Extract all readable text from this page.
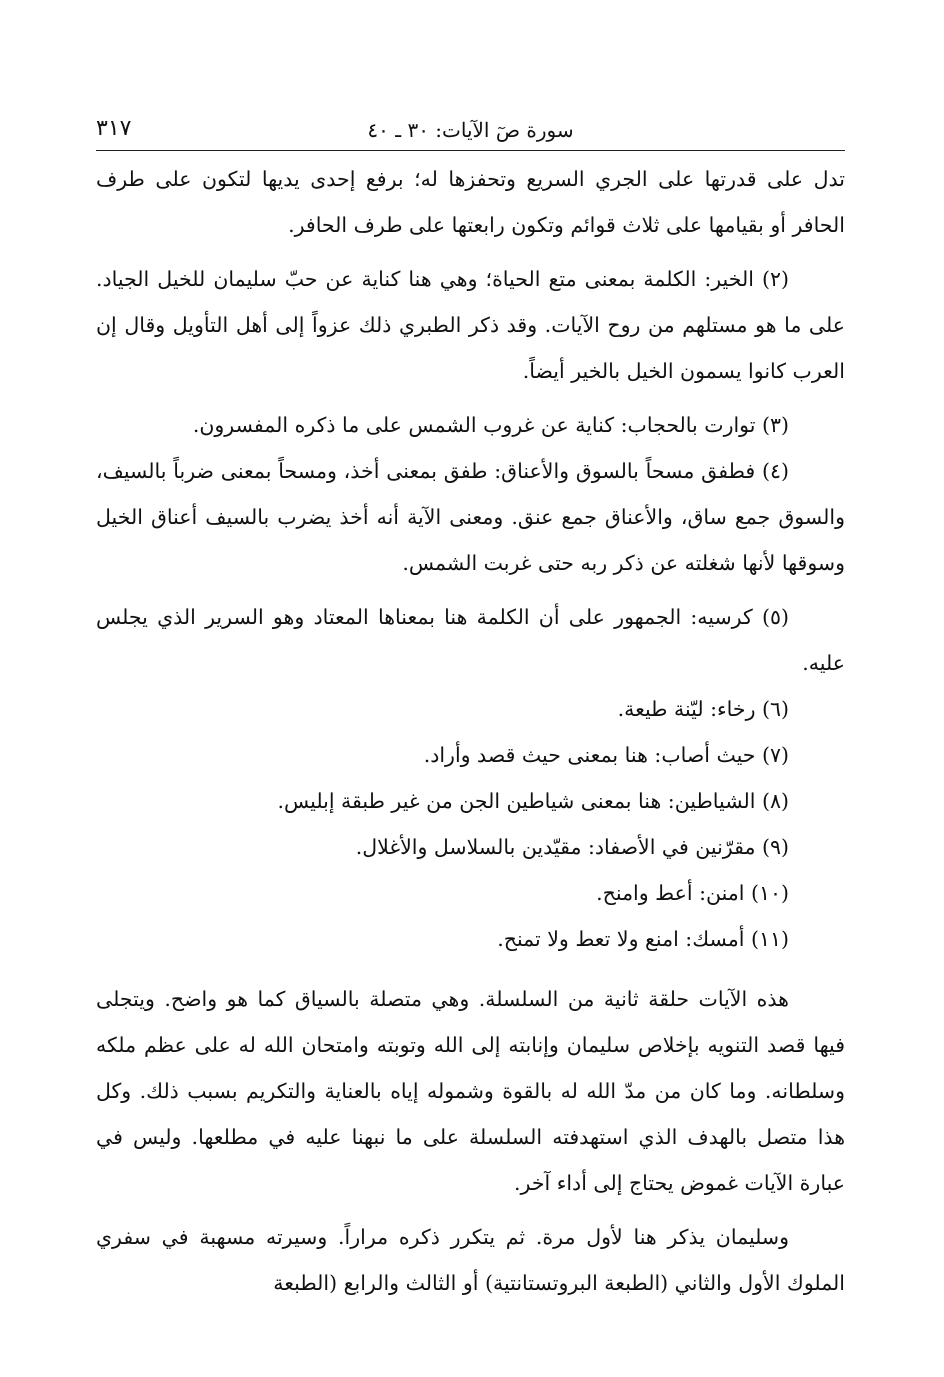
سورة صٓ الآيات: ٣٠ ـ ٤٠
٣١٧

تدل على قدرتها على الجري السريع وتحفزها له؛ برفع إحدى يديها لتكون على طرف الحافر أو بقيامها على ثلاث قوائم وتكون رابعتها على طرف الحافر.

(٢) الخير: الكلمة بمعنى متع الحياة؛ وهي هنا كناية عن حبّ سليمان للخيل الجياد. على ما هو مستلهم من روح الآيات. وقد ذكر الطبري ذلك عزواً إلى أهل التأويل وقال إن العرب كانوا يسمون الخيل بالخير أيضاً.

(٣) توارت بالحجاب: كناية عن غروب الشمس على ما ذكره المفسرون.

(٤) فطفق مسحاً بالسوق والأعناق: طفق بمعنى أخذ، ومسحاً بمعنى ضرباً بالسيف، والسوق جمع ساق، والأعناق جمع عنق. ومعنى الآية أنه أخذ يضرب بالسيف أعناق الخيل وسوقها لأنها شغلته عن ذكر ربه حتى غربت الشمس.

(٥) كرسيه: الجمهور على أن الكلمة هنا بمعناها المعتاد وهو السرير الذي يجلس عليه.

(٦) رخاء: ليّنة طيعة.

(٧) حيث أصاب: هنا بمعنى حيث قصد وأراد.

(٨) الشياطين: هنا بمعنى شياطين الجن من غير طبقة إبليس.

(٩) مقرّنين في الأصفاد: مقيّدين بالسلاسل والأغلال.

(١٠) امنن: أعط وامنح.

(١١) أمسك: امنع ولا تعط ولا تمنح.

هذه الآيات حلقة ثانية من السلسلة. وهي متصلة بالسياق كما هو واضح. ويتجلى فيها قصد التنويه بإخلاص سليمان وإنابته إلى الله وتوبته وامتحان الله له على عظم ملكه وسلطانه. وما كان من مدّ الله له بالقوة وشموله إياه بالعناية والتكريم بسبب ذلك. وكل هذا متصل بالهدف الذي استهدفته السلسلة على ما نبهنا عليه في مطلعها. وليس في عبارة الآيات غموض يحتاج إلى أداء آخر.

وسليمان يذكر هنا لأول مرة. ثم يتكرر ذكره مراراً. وسيرته مسهبة في سفري الملوك الأول والثاني (الطبعة البروتستانتية) أو الثالث والرابع (الطبعة
